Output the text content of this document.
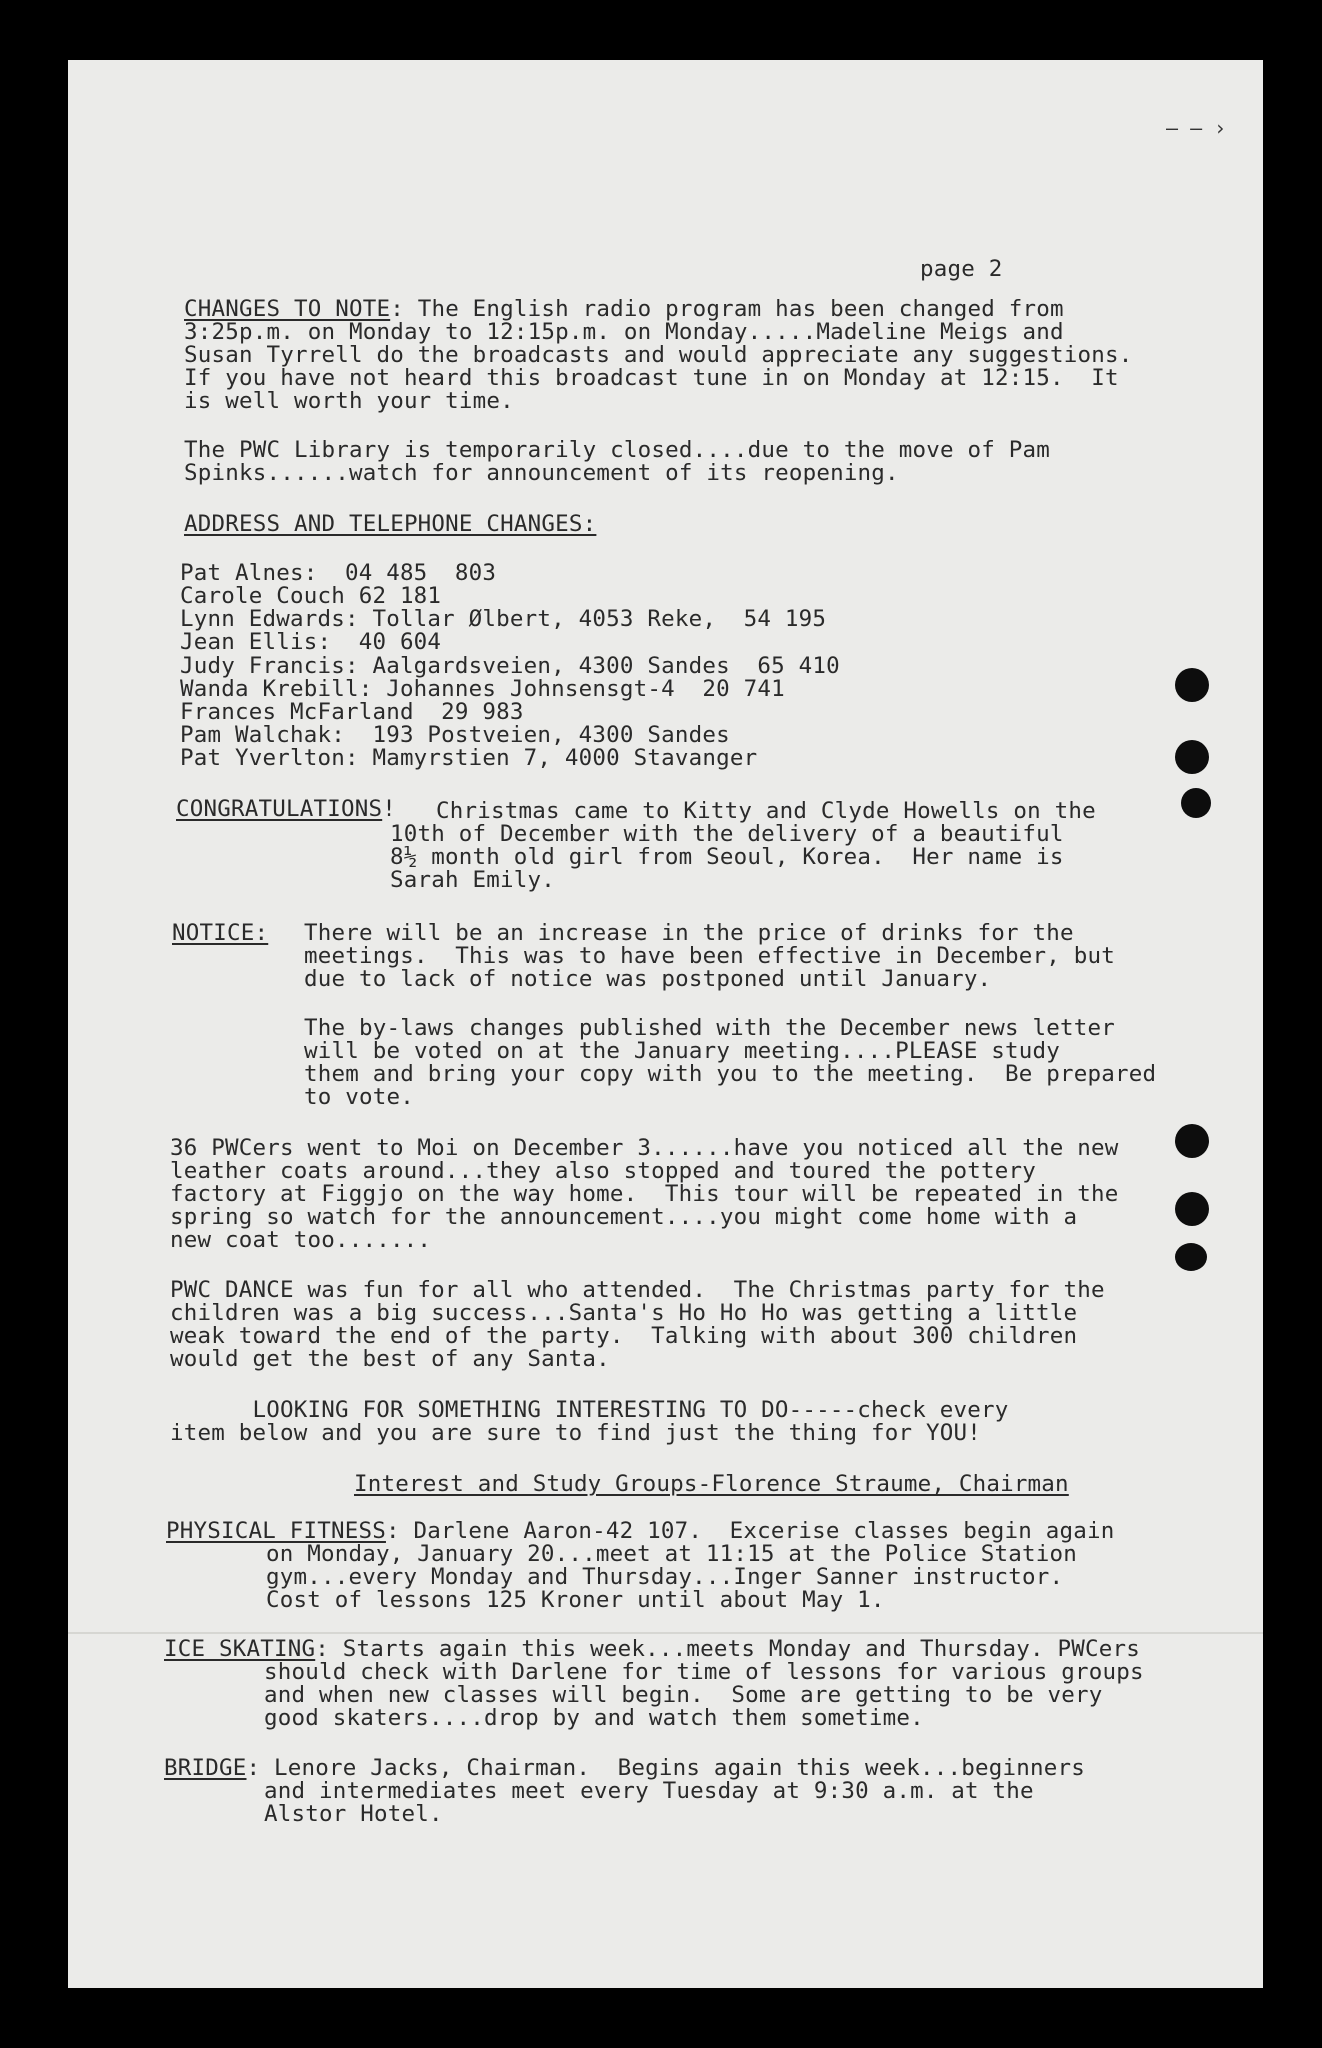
– – ›
page 2
CHANGES TO NOTE: The English radio program has been changed from
3:25p.m. on Monday to 12:15p.m. on Monday.....Madeline Meigs and
Susan Tyrrell do the broadcasts and would appreciate any suggestions.
If you have not heard this broadcast tune in on Monday at 12:15.  It
is well worth your time.
The PWC Library is temporarily closed....due to the move of Pam
Spinks......watch for announcement of its reopening.
ADDRESS AND TELEPHONE CHANGES:
Pat Alnes:  04 485  803
Carole Couch 62 181
Lynn Edwards: Tollar Ølbert, 4053 Reke,  54 195
Jean Ellis:  40 604
Judy Francis: Aalgardsveien, 4300 Sandes  65 410
Wanda Krebill: Johannes Johnsensgt-4  20 741
Frances McFarland  29 983
Pam Walchak:  193 Postveien, 4300 Sandes
Pat Yverlton: Mamyrstien 7, 4000 Stavanger
CONGRATULATIONS! Christmas came to Kitty and Clyde Howells on the
10th of December with the delivery of a beautiful
8½ month old girl from Seoul, Korea.  Her name is
Sarah Emily.
NOTICE: There will be an increase in the price of drinks for the
meetings.  This was to have been effective in December, but
due to lack of notice was postponed until January.
The by-laws changes published with the December news letter
will be voted on at the January meeting....PLEASE study
them and bring your copy with you to the meeting.  Be prepared
to vote.
36 PWCers went to Moi on December 3......have you noticed all the new
leather coats around...they also stopped and toured the pottery
factory at Figgjo on the way home.  This tour will be repeated in the
spring so watch for the announcement....you might come home with a
new coat too.......
PWC DANCE was fun for all who attended.  The Christmas party for the
children was a big success...Santa's Ho Ho Ho was getting a little
weak toward the end of the party.  Talking with about 300 children
would get the best of any Santa.
LOOKING FOR SOMETHING INTERESTING TO DO-----check every
item below and you are sure to find just the thing for YOU!
Interest and Study Groups-Florence Straume, Chairman
PHYSICAL FITNESS: Darlene Aaron-42 107.  Excerise classes begin again
on Monday, January 20...meet at 11:15 at the Police Station
gym...every Monday and Thursday...Inger Sanner instructor.
Cost of lessons 125 Kroner until about May 1.
ICE SKATING: Starts again this week...meets Monday and Thursday. PWCers
should check with Darlene for time of lessons for various groups
and when new classes will begin.  Some are getting to be very
good skaters....drop by and watch them sometime.
BRIDGE: Lenore Jacks, Chairman.  Begins again this week...beginners
and intermediates meet every Tuesday at 9:30 a.m. at the
Alstor Hotel.
